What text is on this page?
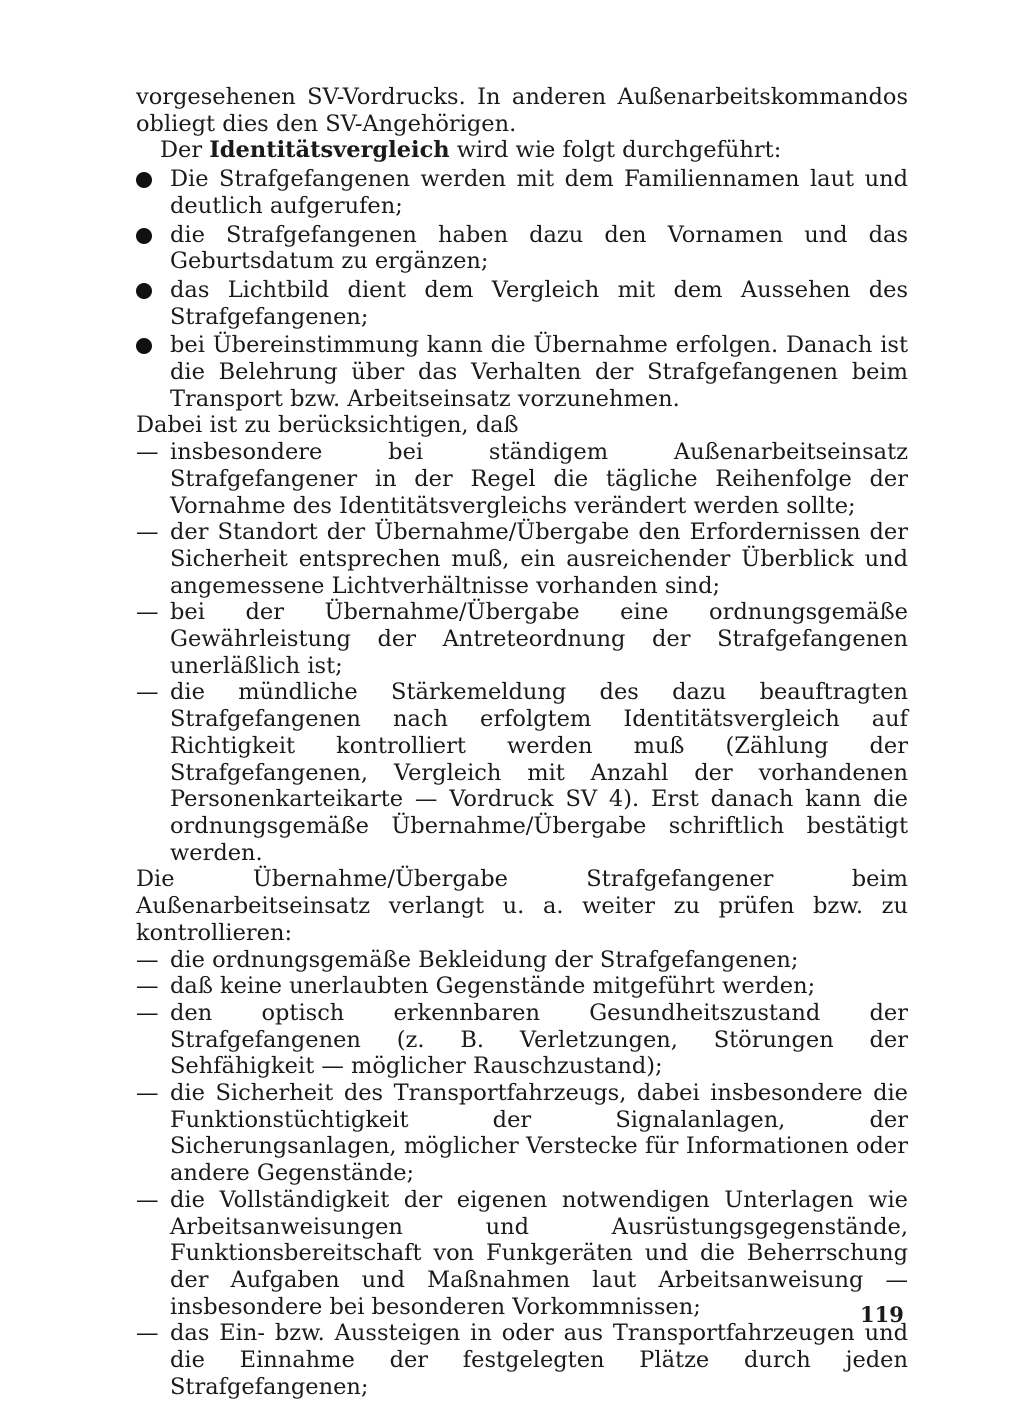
vorgesehenen SV-Vordrucks. In anderen Außenarbeitskommandos obliegt dies den SV-Angehörigen.

Der Identitätsvergleich wird wie folgt durchgeführt:

Die Strafgefangenen werden mit dem Familiennamen laut und deutlich aufgerufen;
die Strafgefangenen haben dazu den Vornamen und das Geburtsdatum zu ergänzen;
das Lichtbild dient dem Vergleich mit dem Aussehen des Strafgefangenen;
bei Übereinstimmung kann die Übernahme erfolgen. Danach ist die Belehrung über das Verhalten der Strafgefangenen beim Transport bzw. Arbeitseinsatz vorzunehmen.

Dabei ist zu berücksichtigen, daß

— insbesondere bei ständigem Außenarbeitseinsatz Strafgefangener in der Regel die tägliche Reihenfolge der Vornahme des Identitätsvergleichs verändert werden sollte;
— der Standort der Übernahme/Übergabe den Erfordernissen der Sicherheit entsprechen muß, ein ausreichender Überblick und angemessene Lichtverhältnisse vorhanden sind;
— bei der Übernahme/Übergabe eine ordnungsgemäße Gewährleistung der Antreteordnung der Strafgefangenen unerläßlich ist;
— die mündliche Stärkemeldung des dazu beauftragten Strafgefangenen nach erfolgtem Identitätsvergleich auf Richtigkeit kontrolliert werden muß (Zählung der Strafgefangenen, Vergleich mit Anzahl der vorhandenen Personenkarteikarte — Vordruck SV 4). Erst danach kann die ordnungsgemäße Übernahme/Übergabe schriftlich bestätigt werden.

Die Übernahme/Übergabe Strafgefangener beim Außenarbeitseinsatz verlangt u. a. weiter zu prüfen bzw. zu kontrollieren:

— die ordnungsgemäße Bekleidung der Strafgefangenen;
— daß keine unerlaubten Gegenstände mitgeführt werden;
— den optisch erkennbaren Gesundheitszustand der Strafgefangenen (z. B. Verletzungen, Störungen der Sehfähigkeit — möglicher Rauschzustand);
— die Sicherheit des Transportfahrzeugs, dabei insbesondere die Funktionstüchtigkeit der Signalanlagen, der Sicherungsanlagen, möglicher Verstecke für Informationen oder andere Gegenstände;
— die Vollständigkeit der eigenen notwendigen Unterlagen wie Arbeitsanweisungen und Ausrüstungsgegenstände, Funktionsbereitschaft von Funkgeräten und die Beherrschung der Aufgaben und Maßnahmen laut Arbeitsanweisung — insbesondere bei besonderen Vorkommnissen;
— das Ein- bzw. Aussteigen in oder aus Transportfahrzeugen und die Einnahme der festgelegten Plätze durch jeden Strafgefangenen;
119
